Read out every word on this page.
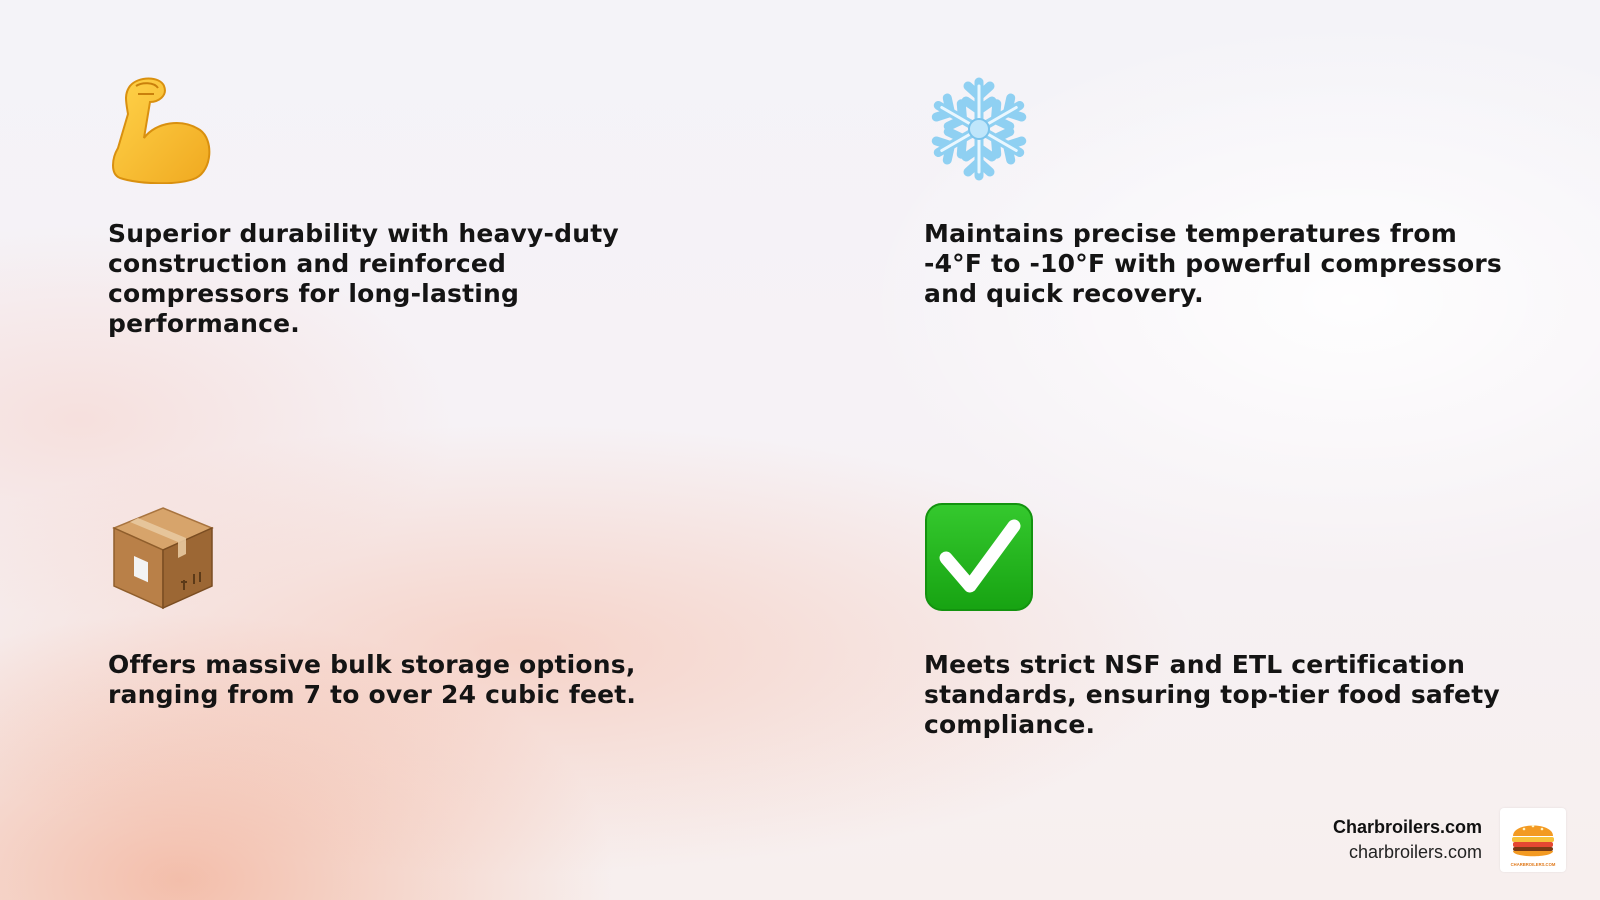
Superior durability with heavy-duty construction and reinforced compressors for long-lasting performance.

Maintains precise temperatures from -4°F to -10°F with powerful compressors and quick recovery.

Offers massive bulk storage options, ranging from 7 to over 24 cubic feet.

Meets strict NSF and ETL certification standards, ensuring top-tier food safety compliance.

Charbroilers.com
charbroilers.com
CHARBROILERS.COM
